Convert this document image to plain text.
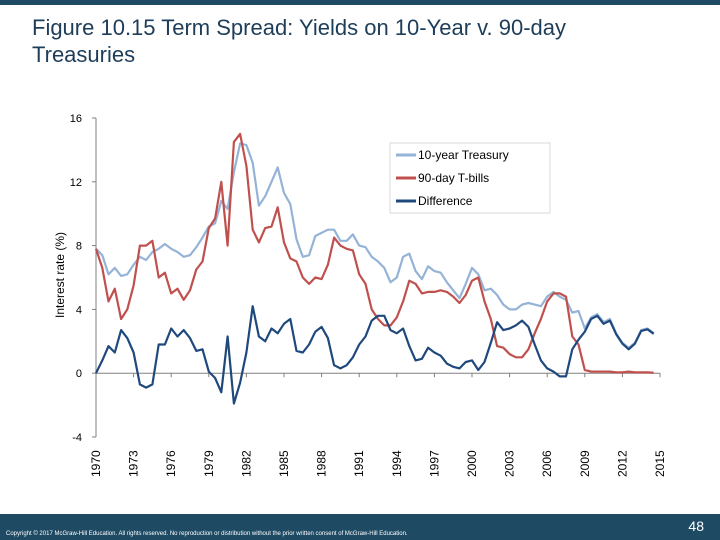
Figure 10.15 Term Spread: Yields on 10-Year v. 90-day Treasuries
-4
0
4
8
12
16
1970 1973 1976 1979 1982 1985 1988 1991 1994 1997 2000 2003 2006 2009 2012 2015
10-year Treasury
90-day T-bills
Difference
Interest rate (%)
Copyright © 2017 McGraw-Hill Education. All rights reserved. No reproduction or distribution without the prior written consent of McGraw-Hill Education.	48
